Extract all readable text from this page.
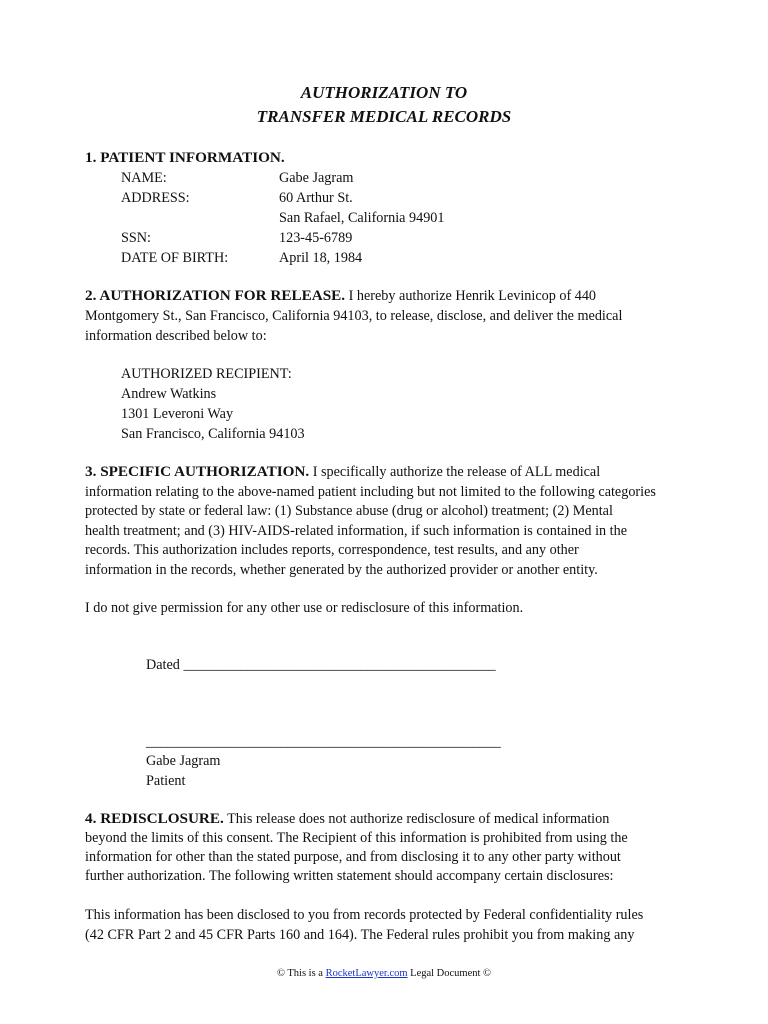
AUTHORIZATION TO
TRANSFER MEDICAL RECORDS
1. PATIENT INFORMATION.
NAME:	Gabe Jagram
ADDRESS:	60 Arthur St.
San Rafael, California 94901
SSN:	123-45-6789
DATE OF BIRTH:	April 18, 1984
2. AUTHORIZATION FOR RELEASE. I hereby authorize Henrik Levinicop of 440
Montgomery St., San Francisco, California 94103, to release, disclose, and deliver the medical
information described below to:
AUTHORIZED RECIPIENT:
Andrew Watkins
1301 Leveroni Way
San Francisco, California 94103
3. SPECIFIC AUTHORIZATION. I specifically authorize the release of ALL medical
information relating to the above-named patient including but not limited to the following categories
protected by state or federal law: (1) Substance abuse (drug or alcohol) treatment; (2) Mental
health treatment; and (3) HIV-AIDS-related information, if such information is contained in the
records. This authorization includes reports, correspondence, test results, and any other
information in the records, whether generated by the authorized provider or another entity.
I do not give permission for any other use or redisclosure of this information.
Dated ____________________________________________
__________________________________________________
Gabe Jagram
Patient
4. REDISCLOSURE. This release does not authorize redisclosure of medical information
beyond the limits of this consent. The Recipient of this information is prohibited from using the
information for other than the stated purpose, and from disclosing it to any other party without
further authorization. The following written statement should accompany certain disclosures:
This information has been disclosed to you from records protected by Federal confidentiality rules
(42 CFR Part 2 and 45 CFR Parts 160 and 164). The Federal rules prohibit you from making any
© This is a RocketLawyer.com Legal Document ©
